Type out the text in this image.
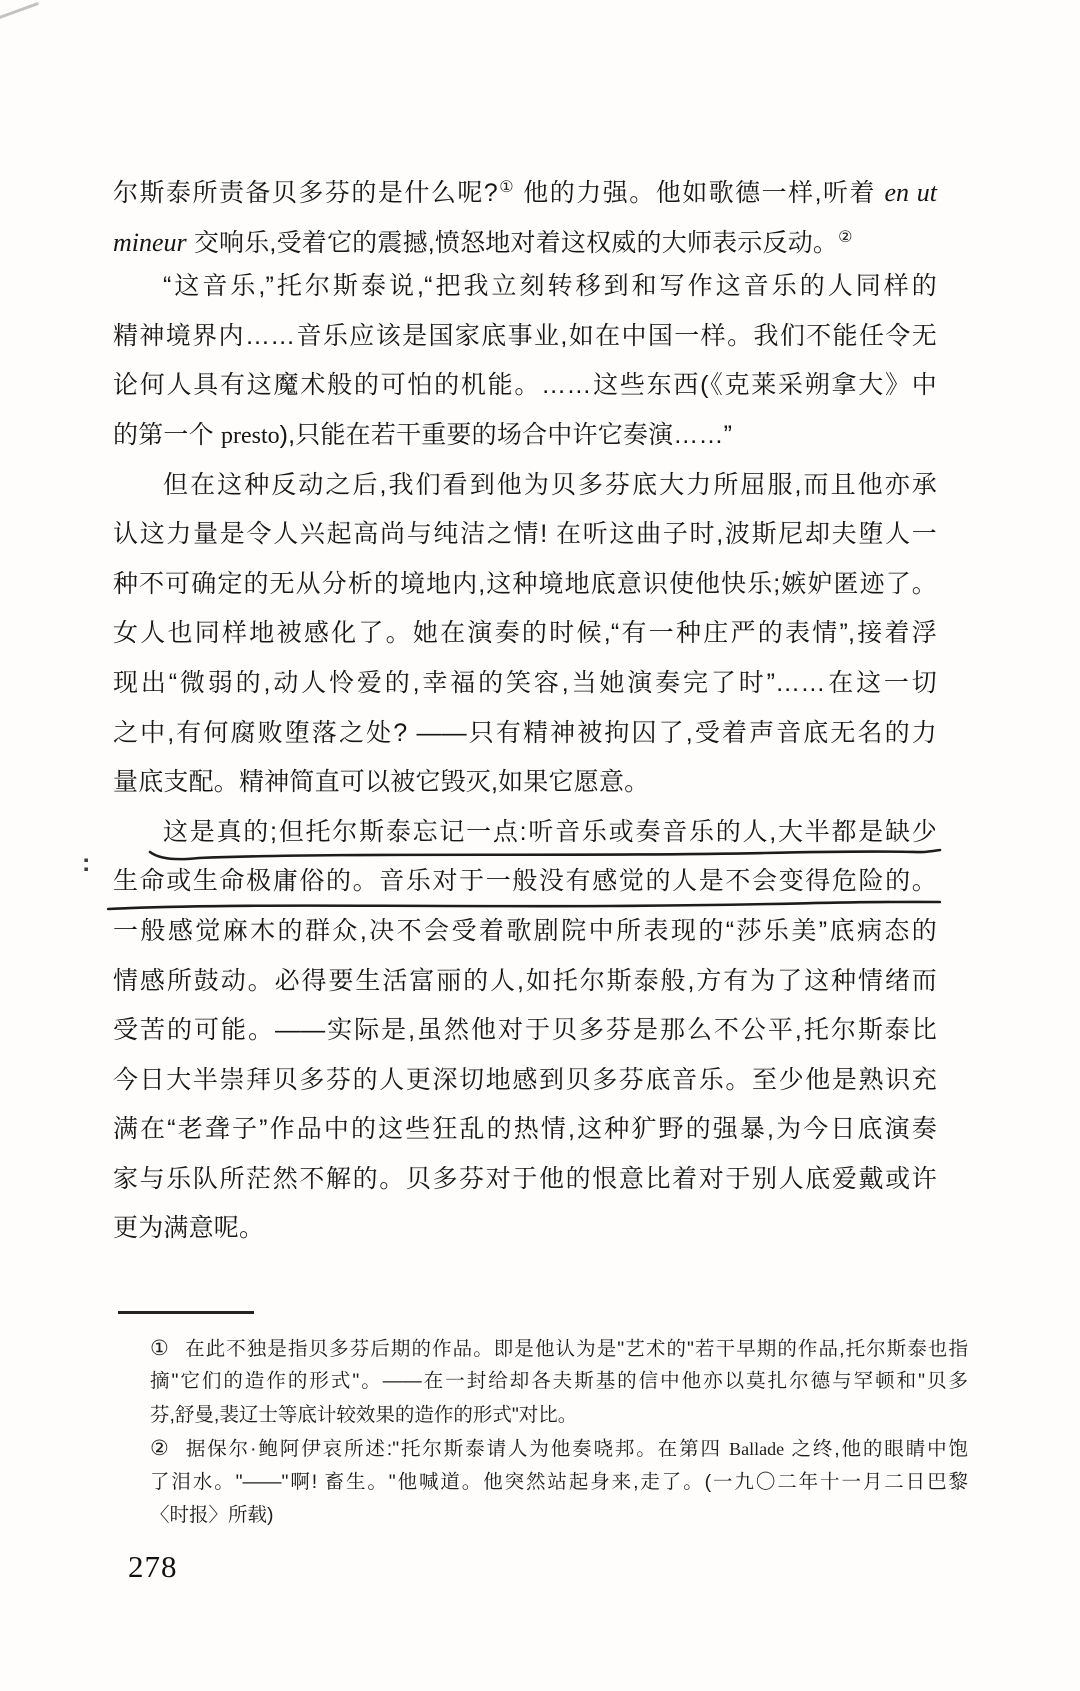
:
尔斯泰所责备贝多芬的是什么呢?① 他的力强。他如歌德一样,听着 en ut
mineur 交响乐,受着它的震撼,愤怒地对着这权威的大师表示反动。②
“这音乐,”托尔斯泰说,“把我立刻转移到和写作这音乐的人同样的
精神境界内……音乐应该是国家底事业,如在中国一样。我们不能任令无
论何人具有这魔术般的可怕的机能。……这些东西(《克莱采朔拿大》中
的第一个 presto),只能在若干重要的场合中许它奏演……”
但在这种反动之后,我们看到他为贝多芬底大力所屈服,而且他亦承
认这力量是令人兴起高尚与纯洁之情! 在听这曲子时,波斯尼却夫堕人一
种不可确定的无从分析的境地内,这种境地底意识使他快乐;嫉妒匿迹了。
女人也同样地被感化了。她在演奏的时候,“有一种庄严的表情”,接着浮
现出“微弱的,动人怜爱的,幸福的笑容,当她演奏完了时”……在这一切
之中,有何腐败堕落之处? ——只有精神被拘囚了,受着声音底无名的力
量底支配。精神简直可以被它毁灭,如果它愿意。
这是真的;但托尔斯泰忘记一点:听音乐或奏音乐的人,大半都是缺少
生命或生命极庸俗的。音乐对于一般没有感觉的人是不会变得危险的。
一般感觉麻木的群众,决不会受着歌剧院中所表现的“莎乐美”底病态的
情感所鼓动。必得要生活富丽的人,如托尔斯泰般,方有为了这种情绪而
受苦的可能。——实际是,虽然他对于贝多芬是那么不公平,托尔斯泰比
今日大半崇拜贝多芬的人更深切地感到贝多芬底音乐。至少他是熟识充
满在“老聋子”作品中的这些狂乱的热情,这种犷野的强暴,为今日底演奏
家与乐队所茫然不解的。贝多芬对于他的恨意比着对于别人底爱戴或许
更为满意呢。
① 在此不独是指贝多芬后期的作品。即是他认为是"艺术的"若干早期的作品,托尔斯泰也指
摘"它们的造作的形式"。——在一封给却各夫斯基的信中他亦以莫扎尔德与罕顿和"贝多
芬,舒曼,裴辽士等底计较效果的造作的形式"对比。
② 据保尔·鲍阿伊哀所述:"托尔斯泰请人为他奏哓邦。在第四 Ballade 之终,他的眼睛中饱
了泪水。"——"啊! 畜生。"他喊道。他突然站起身来,走了。(一九〇二年十一月二日巴黎
〈时报〉所载)
278
